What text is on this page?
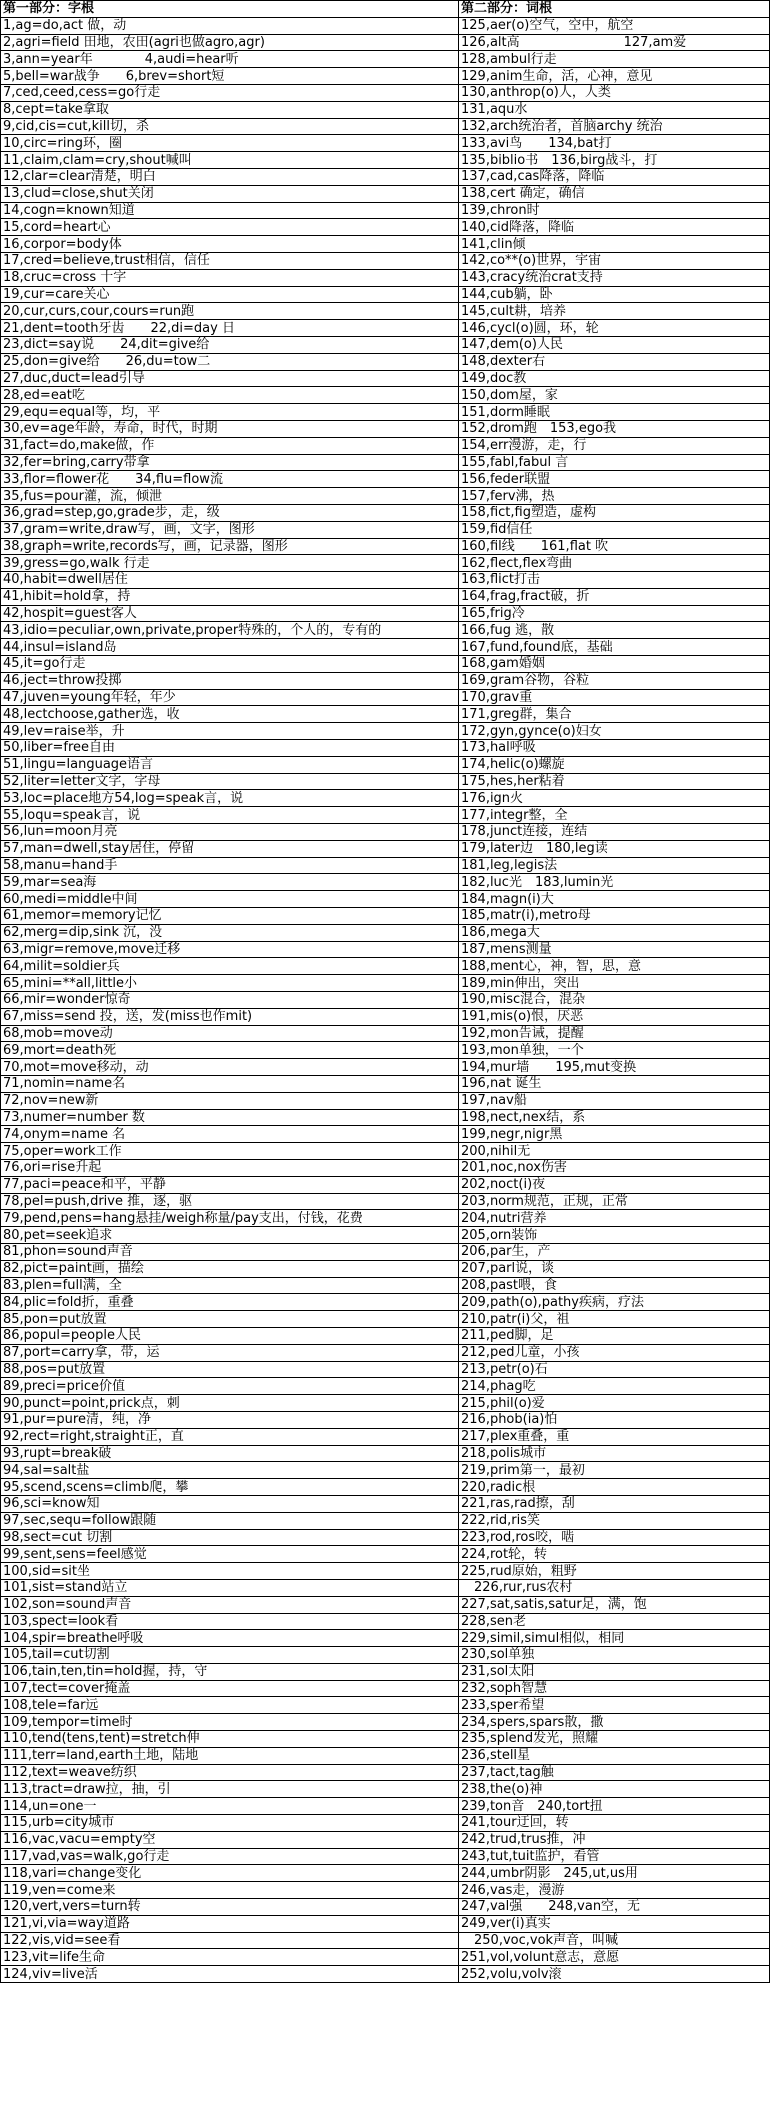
第一部分：字根	第二部分：词根
1,ag=do,act 做，动	125,aer(o)空气，空中，航空
2,agri=field 田地，农田(agri也做agro,agr)	126,alt高　　　　　　　　127,am爱
3,ann=year年　　　　4,audi=hear听	128,ambul行走
5,bell=war战争　　6,brev=short短	129,anim生命，活，心神，意见
7,ced,ceed,cess=go行走	130,anthrop(o)人，人类
8,cept=take拿取	131,aqu水
9,cid,cis=cut,kill切，杀	132,arch统治者，首脑archy 统治
10,circ=ring环，圈	133,avi鸟　　134,bat打
11,claim,clam=cry,shout喊叫	135,biblio书　136,birg战斗，打
12,clar=clear清楚，明白	137,cad,cas降落，降临
13,clud=close,shut关闭	138,cert 确定，确信
14,cogn=known知道	139,chron时
15,cord=heart心	140,cid降落，降临
16,corpor=body体	141,clin倾
17,cred=believe,trust相信，信任	142,co**(o)世界，宇宙
18,cruc=cross 十字	143,cracy统治crat支持
19,cur=care关心	144,cub躺，卧
20,cur,curs,cour,cours=run跑	145,cult耕，培养
21,dent=tooth牙齿　　22,di=day 日	146,cycl(o)圆，环，轮
23,dict=say说　　24,dit=give给	147,dem(o)人民
25,don=give给　　26,du=tow二	148,dexter右
27,duc,duct=lead引导	149,doc教
28,ed=eat吃	150,dom屋，家
29,equ=equal等，均，平	151,dorm睡眠
30,ev=age年龄，寿命，时代，时期	152,drom跑　153,ego我
31,fact=do,make做，作	154,err漫游，走，行
32,fer=bring,carry带拿	155,fabl,fabul 言
33,flor=flower花　　34,flu=flow流	156,feder联盟
35,fus=pour灌，流，倾泄	157,ferv沸，热
36,grad=step,go,grade步，走，级	158,fict,fig塑造，虚构
37,gram=write,draw写，画，文字，图形	159,fid信任
38,graph=write,records写，画，记录器，图形	160,fil线　　161,flat 吹
39,gress=go,walk 行走	162,flect,flex弯曲
40,habit=dwell居住	163,flict打击
41,hibit=hold拿，持	164,frag,fract破，折
42,hospit=guest客人	165,frig冷
43,idio=peculiar,own,private,proper特殊的，个人的，专有的	166,fug 逃，散
44,insul=island岛	167,fund,found底，基础
45,it=go行走	168,gam婚姻
46,ject=throw投掷	169,gram谷物，谷粒
47,juven=young年轻，年少	170,grav重
48,lectchoose,gather选，收	171,greg群，集合
49,lev=raise举，升	172,gyn,gynce(o)妇女
50,liber=free自由	173,hal呼吸
51,lingu=language语言	174,helic(o)螺旋
52,liter=letter文字，字母	175,hes,her粘着
53,loc=place地方54,log=speak言，说	176,ign火
55,loqu=speak言，说	177,integr整，全
56,lun=moon月亮	178,junct连接，连结
57,man=dwell,stay居住，停留	179,later边　180,leg读
58,manu=hand手	181,leg,legis法
59,mar=sea海	182,luc光　183,lumin光
60,medi=middle中间	184,magn(i)大
61,memor=memory记忆	185,matr(i),metro母
62,merg=dip,sink 沉，没	186,mega大
63,migr=remove,move迁移	187,mens测量
64,milit=soldier兵	188,ment心，神，智，思，意
65,mini=**all,little小	189,min伸出，突出
66,mir=wonder惊奇	190,misc混合，混杂
67,miss=send 投，送，发(miss也作mit)	191,mis(o)恨，厌恶
68,mob=move动	192,mon告诫，提醒
69,mort=death死	193,mon单独，一个
70,mot=move移动，动	194,mur墙　　195,mut变换
71,nomin=name名	196,nat 诞生
72,nov=new新	197,nav船
73,numer=number 数	198,nect,nex结，系
74,onym=name 名	199,negr,nigr黑
75,oper=work工作	200,nihil无
76,ori=rise升起	201,noc,nox伤害
77,paci=peace和平，平静	202,noct(i)夜
78,pel=push,drive 推，逐，驱	203,norm规范，正规，正常
79,pend,pens=hang悬挂/weigh称量/pay支出，付钱，花费	204,nutri营养
80,pet=seek追求	205,orn装饰
81,phon=sound声音	206,par生，产
82,pict=paint画，描绘	207,parl说，谈
83,plen=full满，全	208,past喂，食
84,plic=fold折，重叠	209,path(o),pathy疾病，疗法
85,pon=put放置	210,patr(i)父，祖
86,popul=people人民	211,ped脚，足
87,port=carry拿，带，运	212,ped儿童，小孩
88,pos=put放置	213,petr(o)石
89,preci=price价值	214,phag吃
90,punct=point,prick点，刺	215,phil(o)爱
91,pur=pure清，纯，净	216,phob(ia)怕
92,rect=right,straight正，直	217,plex重叠，重
93,rupt=break破	218,polis城市
94,sal=salt盐	219,prim第一，最初
95,scend,scens=climb爬，攀	220,radic根
96,sci=know知	221,ras,rad擦，刮
97,sec,sequ=follow跟随	222,rid,ris笑
98,sect=cut 切割	223,rod,ros咬，啮
99,sent,sens=feel感觉	224,rot轮，转
100,sid=sit坐	225,rud原始，粗野
101,sist=stand站立	　226,rur,rus农村
102,son=sound声音	227,sat,satis,satur足，满，饱
103,spect=look看	228,sen老
104,spir=breathe呼吸	229,simil,simul相似，相同
105,tail=cut切割	230,sol单独
106,tain,ten,tin=hold握，持，守	231,sol太阳
107,tect=cover掩盖	232,soph智慧
108,tele=far远	233,sper希望
109,tempor=time时	234,spers,spars散，撒
110,tend(tens,tent)=stretch伸	235,splend发光，照耀
111,terr=land,earth土地，陆地	236,stell星
112,text=weave纺织	237,tact,tag触
113,tract=draw拉，抽，引	238,the(o)神
114,un=one一	239,ton音　240,tort扭
115,urb=city城市	241,tour迂回，转
116,vac,vacu=empty空	242,trud,trus推，冲
117,vad,vas=walk,go行走	243,tut,tuit监护，看管
118,vari=change变化	244,umbr阴影　245,ut,us用
119,ven=come来	246,vas走，漫游
120,vert,vers=turn转	247,val强　　248,van空，无
121,vi,via=way道路	249,ver(i)真实
122,vis,vid=see看	　250,voc,vok声音，叫喊
123,vit=life生命	251,vol,volunt意志，意愿
124,viv=live活	252,volu,volv滚
